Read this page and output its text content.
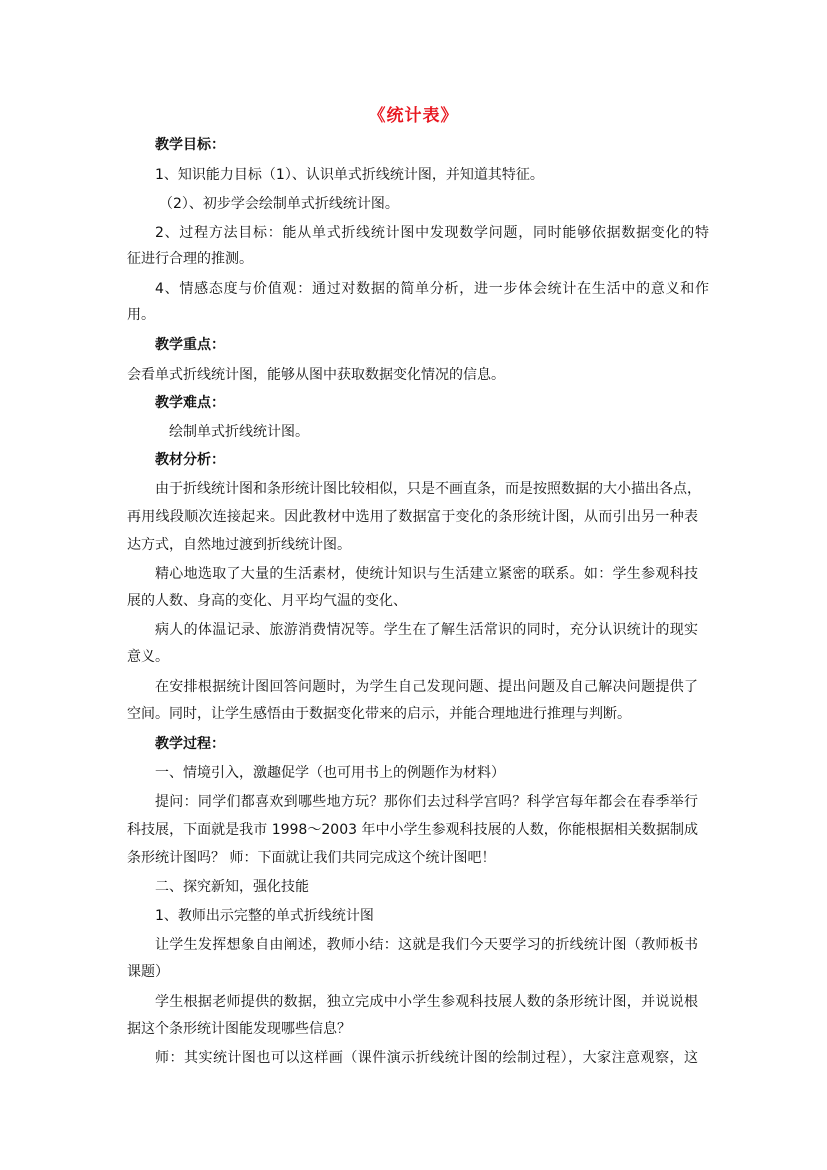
《统计表》
教学目标：
1、知识能力目标（1）、认识单式折线统计图，并知道其特征。
（2）、初步学会绘制单式折线统计图。
2、过程方法目标：能从单式折线统计图中发现数学问题，同时能够依据数据变化的特
征进行合理的推测。
4、情感态度与价值观：通过对数据的简单分析，进一步体会统计在生活中的意义和作
用。
教学重点：
会看单式折线统计图，能够从图中获取数据变化情况的信息。
教学难点：
绘制单式折线统计图。
教材分析：
由于折线统计图和条形统计图比较相似，只是不画直条，而是按照数据的大小描出各点，
再用线段顺次连接起来。因此教材中选用了数据富于变化的条形统计图，从而引出另一种表
达方式，自然地过渡到折线统计图。
精心地选取了大量的生活素材，使统计知识与生活建立紧密的联系。如：学生参观科技
展的人数、身高的变化、月平均气温的变化、
病人的体温记录、旅游消费情况等。学生在了解生活常识的同时，充分认识统计的现实
意义。
在安排根据统计图回答问题时，为学生自己发现问题、提出问题及自己解决问题提供了
空间。同时，让学生感悟由于数据变化带来的启示，并能合理地进行推理与判断。
教学过程：
一、情境引入，激趣促学（也可用书上的例题作为材料）
提问：同学们都喜欢到哪些地方玩？那你们去过科学宫吗？科学宫每年都会在春季举行
科技展，下面就是我市 1998～2003 年中小学生参观科技展的人数，你能根据相关数据制成
条形统计图吗？ 师：下面就让我们共同完成这个统计图吧！
二、探究新知，强化技能
1、教师出示完整的单式折线统计图
让学生发挥想象自由阐述，教师小结：这就是我们今天要学习的折线统计图（教师板书
课题）
学生根据老师提供的数据，独立完成中小学生参观科技展人数的条形统计图，并说说根
据这个条形统计图能发现哪些信息？
师：其实统计图也可以这样画（课件演示折线统计图的绘制过程），大家注意观察，这
